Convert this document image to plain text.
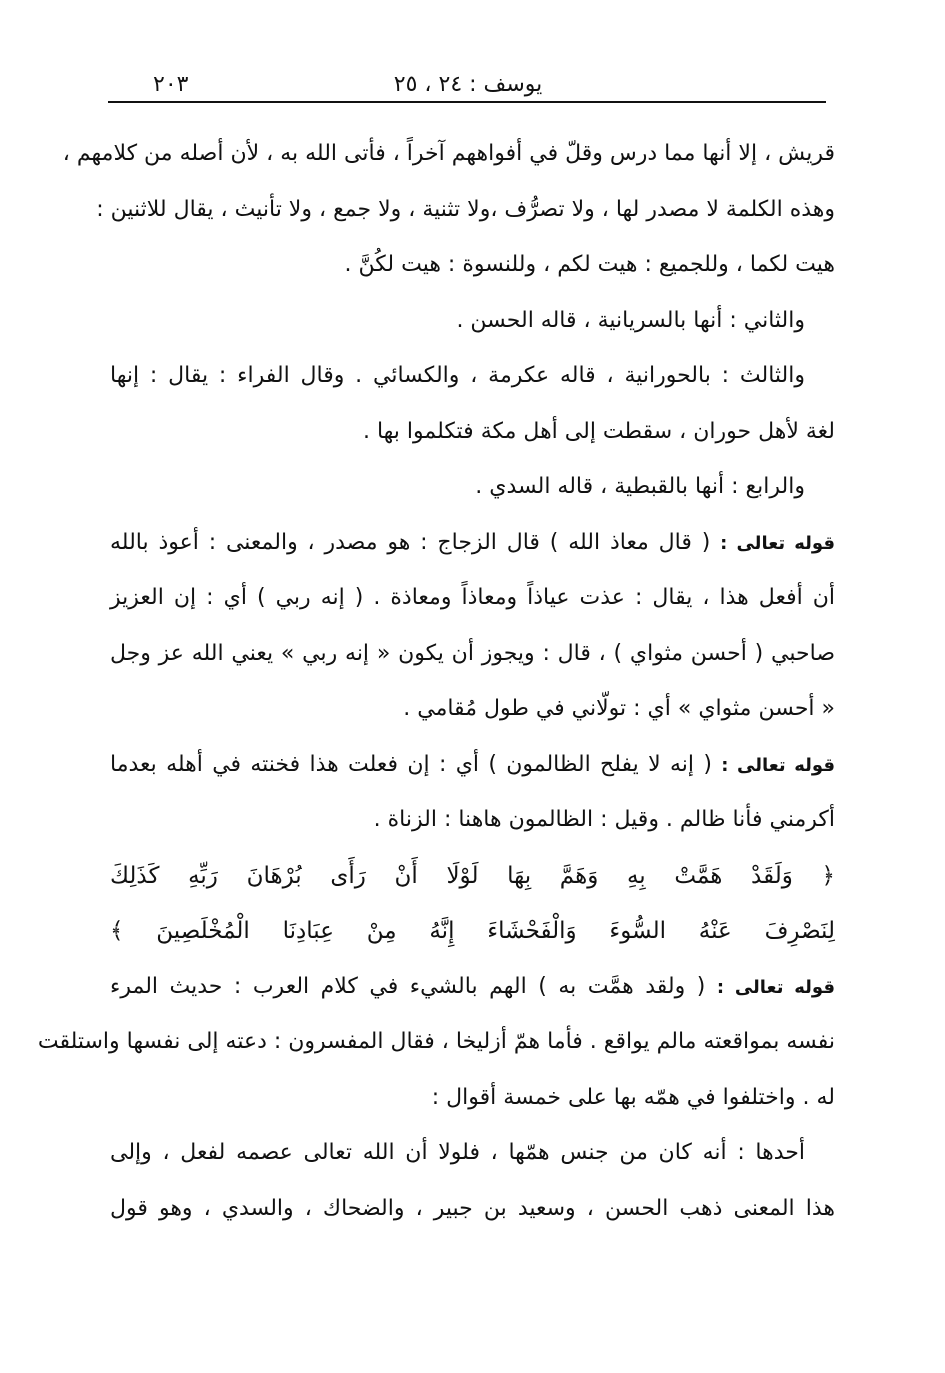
٢٠٣	يوسف : ٢٤ ، ٢٥
قريش ، إلا أنها مما درس وقلّ في أفواههم آخراً ، فأتى الله به ، لأن أصله من كلامهم ،
وهذه الكلمة لا مصدر لها ، ولا تصرُّف ،ولا تثنية ، ولا جمع ، ولا تأنيث ، يقال للاثنين :
هيت لكما ، وللجميع : هيت لكم ، وللنسوة : هيت لكُنَّ .
والثاني : أنها بالسريانية ، قاله الحسن .
والثالث : بالحورانية ، قاله عكرمة ، والكسائي . وقال الفراء : يقال : إنها
لغة لأهل حوران ، سقطت إلى أهل مكة فتكلموا بها .
والرابع : أنها بالقبطية ، قاله السدي .
قوله تعالى : ( قال معاذ الله ) قال الزجاج : هو مصدر ، والمعنى : أعوذ بالله
أن أفعل هذا ، يقال : عذت عياذاً ومعاذاً ومعاذة . ( إنه ربي ) أي : إن العزيز
صاحبي ( أحسن مثواي ) ، قال : ويجوز أن يكون « إنه ربي » يعني الله عز وجل
« أحسن مثواي » أي : تولّاني في طول مُقامي .
قوله تعالى : ( إنه لا يفلح الظالمون ) أي : إن فعلت هذا فخنته في أهله بعدما
أكرمني فأنا ظالم . وقيل : الظالمون هاهنا : الزناة .
﴿ وَلَقَدْ هَمَّتْ بِهِ وَهَمَّ بِهَا لَوْلَا أَنْ رَأَى بُرْهَانَ رَبِّهِ كَذَلِكَ
لِنَصْرِفَ عَنْهُ السُّوءَ وَالْفَحْشَاءَ إِنَّهُ مِنْ عِبَادِنَا الْمُخْلَصِينَ ﴾
قوله تعالى : ( ولقد همَّت به ) الهم بالشيء في كلام العرب : حديث المرء
نفسه بمواقعته مالم يواقع . فأما همّ أزليخا ، فقال المفسرون : دعته إلى نفسها واستلقت
له . واختلفوا في همّه بها على خمسة أقوال :
أحدها : أنه كان من جنس همّها ، فلولا أن الله تعالى عصمه لفعل ، وإلى
هذا المعنى ذهب الحسن ، وسعيد بن جبير ، والضحاك ، والسدي ، وهو قول
